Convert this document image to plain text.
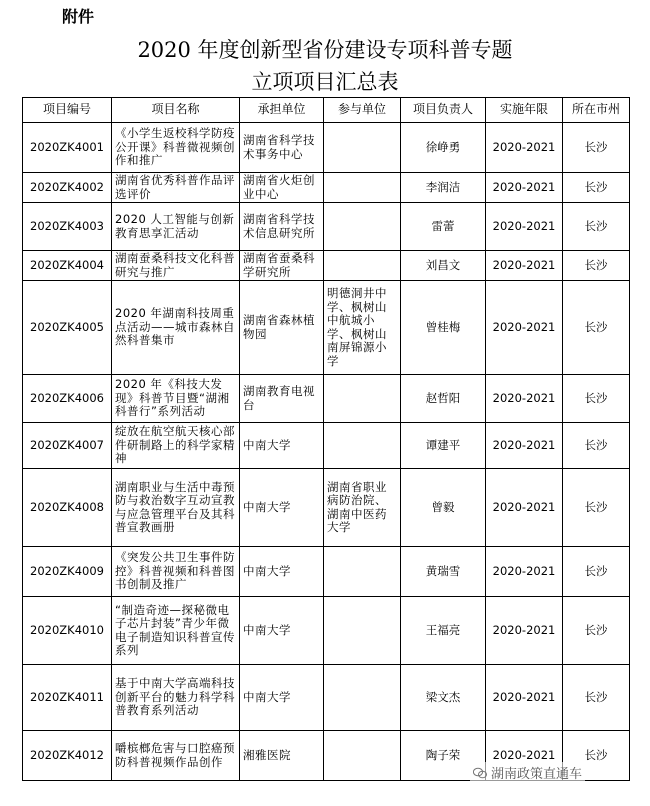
附件
2020 年度创新型省份建设专项科普专题
立项项目汇总表
项目编号	项目名称	承担单位	参与单位	项目负责人	实施年限	所在市州
2020ZK4001	《小学生返校科学防疫公开课》科普微视频创作和推广	湖南省科学技术事务中心		徐峥勇	2020-2021	长沙
2020ZK4002	湖南省优秀科普作品评选评价	湖南省火炬创业中心		李润洁	2020-2021	长沙
2020ZK4003	2020 人工智能与创新教育思享汇活动	湖南省科学技术信息研究所		雷蕾	2020-2021	长沙
2020ZK4004	湖南蚕桑科技文化科普研究与推广	湖南省蚕桑科学研究所		刘昌文	2020-2021	长沙
2020ZK4005	2020 年湖南科技周重点活动——城市森林自然科普集市	湖南省森林植物园	明德洞井中学、枫树山中航城小学、枫树山南屏锦源小学	曾桂梅	2020-2021	长沙
2020ZK4006	2020 年《科技大发现》科普节目暨“湖湘科普行”系列活动	湖南教育电视台		赵哲阳	2020-2021	长沙
2020ZK4007	绽放在航空航天核心部件研制路上的科学家精神	中南大学		谭建平	2020-2021	长沙
2020ZK4008	湖南职业与生活中毒预防与救治数字互动宣教与应急管理平台及其科普宣教画册	中南大学	湖南省职业病防治院、湖南中医药大学	曾毅	2020-2021	长沙
2020ZK4009	《突发公共卫生事件防控》科普视频和科普图书创制及推广	中南大学		黄瑞雪	2020-2021	长沙
2020ZK4010	“制造奇迹—探秘微电子芯片封装”青少年微电子制造知识科普宣传系列	中南大学		王福亮	2020-2021	长沙
2020ZK4011	基于中南大学高端科技创新平台的魅力科学科普教育系列活动	中南大学		梁文杰	2020-2021	长沙
2020ZK4012	嚼槟榔危害与口腔癌预防科普视频作品创作	湘雅医院		陶子荣	2020-2021	长沙
湖南政策直通车
